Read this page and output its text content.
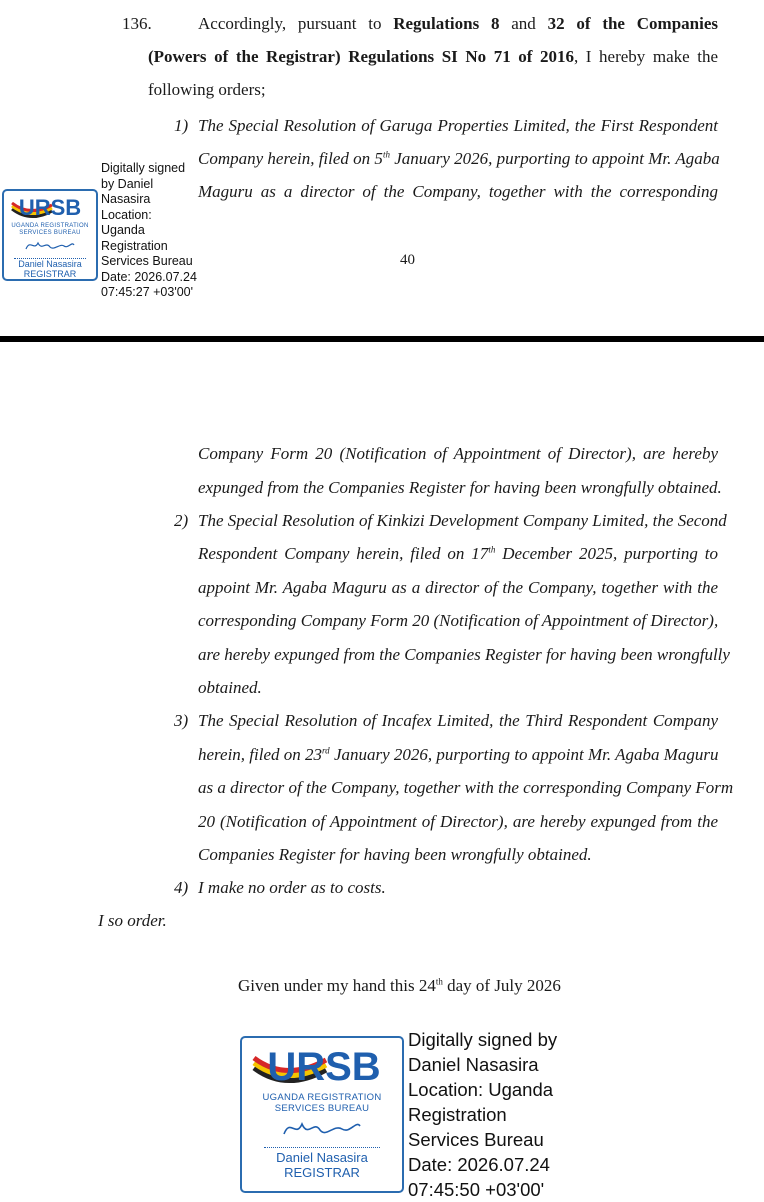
136.	Accordingly, pursuant to Regulations 8 and 32 of the Companies
(Powers of the Registrar) Regulations SI No 71 of 2016, I hereby make the
following orders;
1) The Special Resolution of Garuga Properties Limited, the First Respondent
Company herein, filed on 5th January 2026, purporting to appoint Mr. Agaba
Maguru as a director of the Company, together with the corresponding
URSB
UGANDA REGISTRATION
SERVICES BUREAU
Daniel Nasasira
REGISTRAR
Digitally signed
by Daniel
Nasasira
Location:
Uganda
Registration
Services Bureau
Date: 2026.07.24
07:45:27 +03'00'
40
Company Form 20 (Notification of Appointment of Director), are hereby
expunged from the Companies Register for having been wrongfully obtained.
2) The Special Resolution of Kinkizi Development Company Limited, the Second
Respondent Company herein, filed on 17th December 2025, purporting to
appoint Mr. Agaba Maguru as a director of the Company, together with the
corresponding Company Form 20 (Notification of Appointment of Director),
are hereby expunged from the Companies Register for having been wrongfully
obtained.
3) The Special Resolution of Incafex Limited, the Third Respondent Company
herein, filed on 23rd January 2026, purporting to appoint Mr. Agaba Maguru
as a director of the Company, together with the corresponding Company Form
20 (Notification of Appointment of Director), are hereby expunged from the
Companies Register for having been wrongfully obtained.
4) I make no order as to costs.
I so order.
Given under my hand this 24th day of July 2026
URSB
UGANDA REGISTRATION
SERVICES BUREAU
Daniel Nasasira
REGISTRAR
Digitally signed by
Daniel Nasasira
Location: Uganda
Registration
Services Bureau
Date: 2026.07.24
07:45:50 +03'00'
